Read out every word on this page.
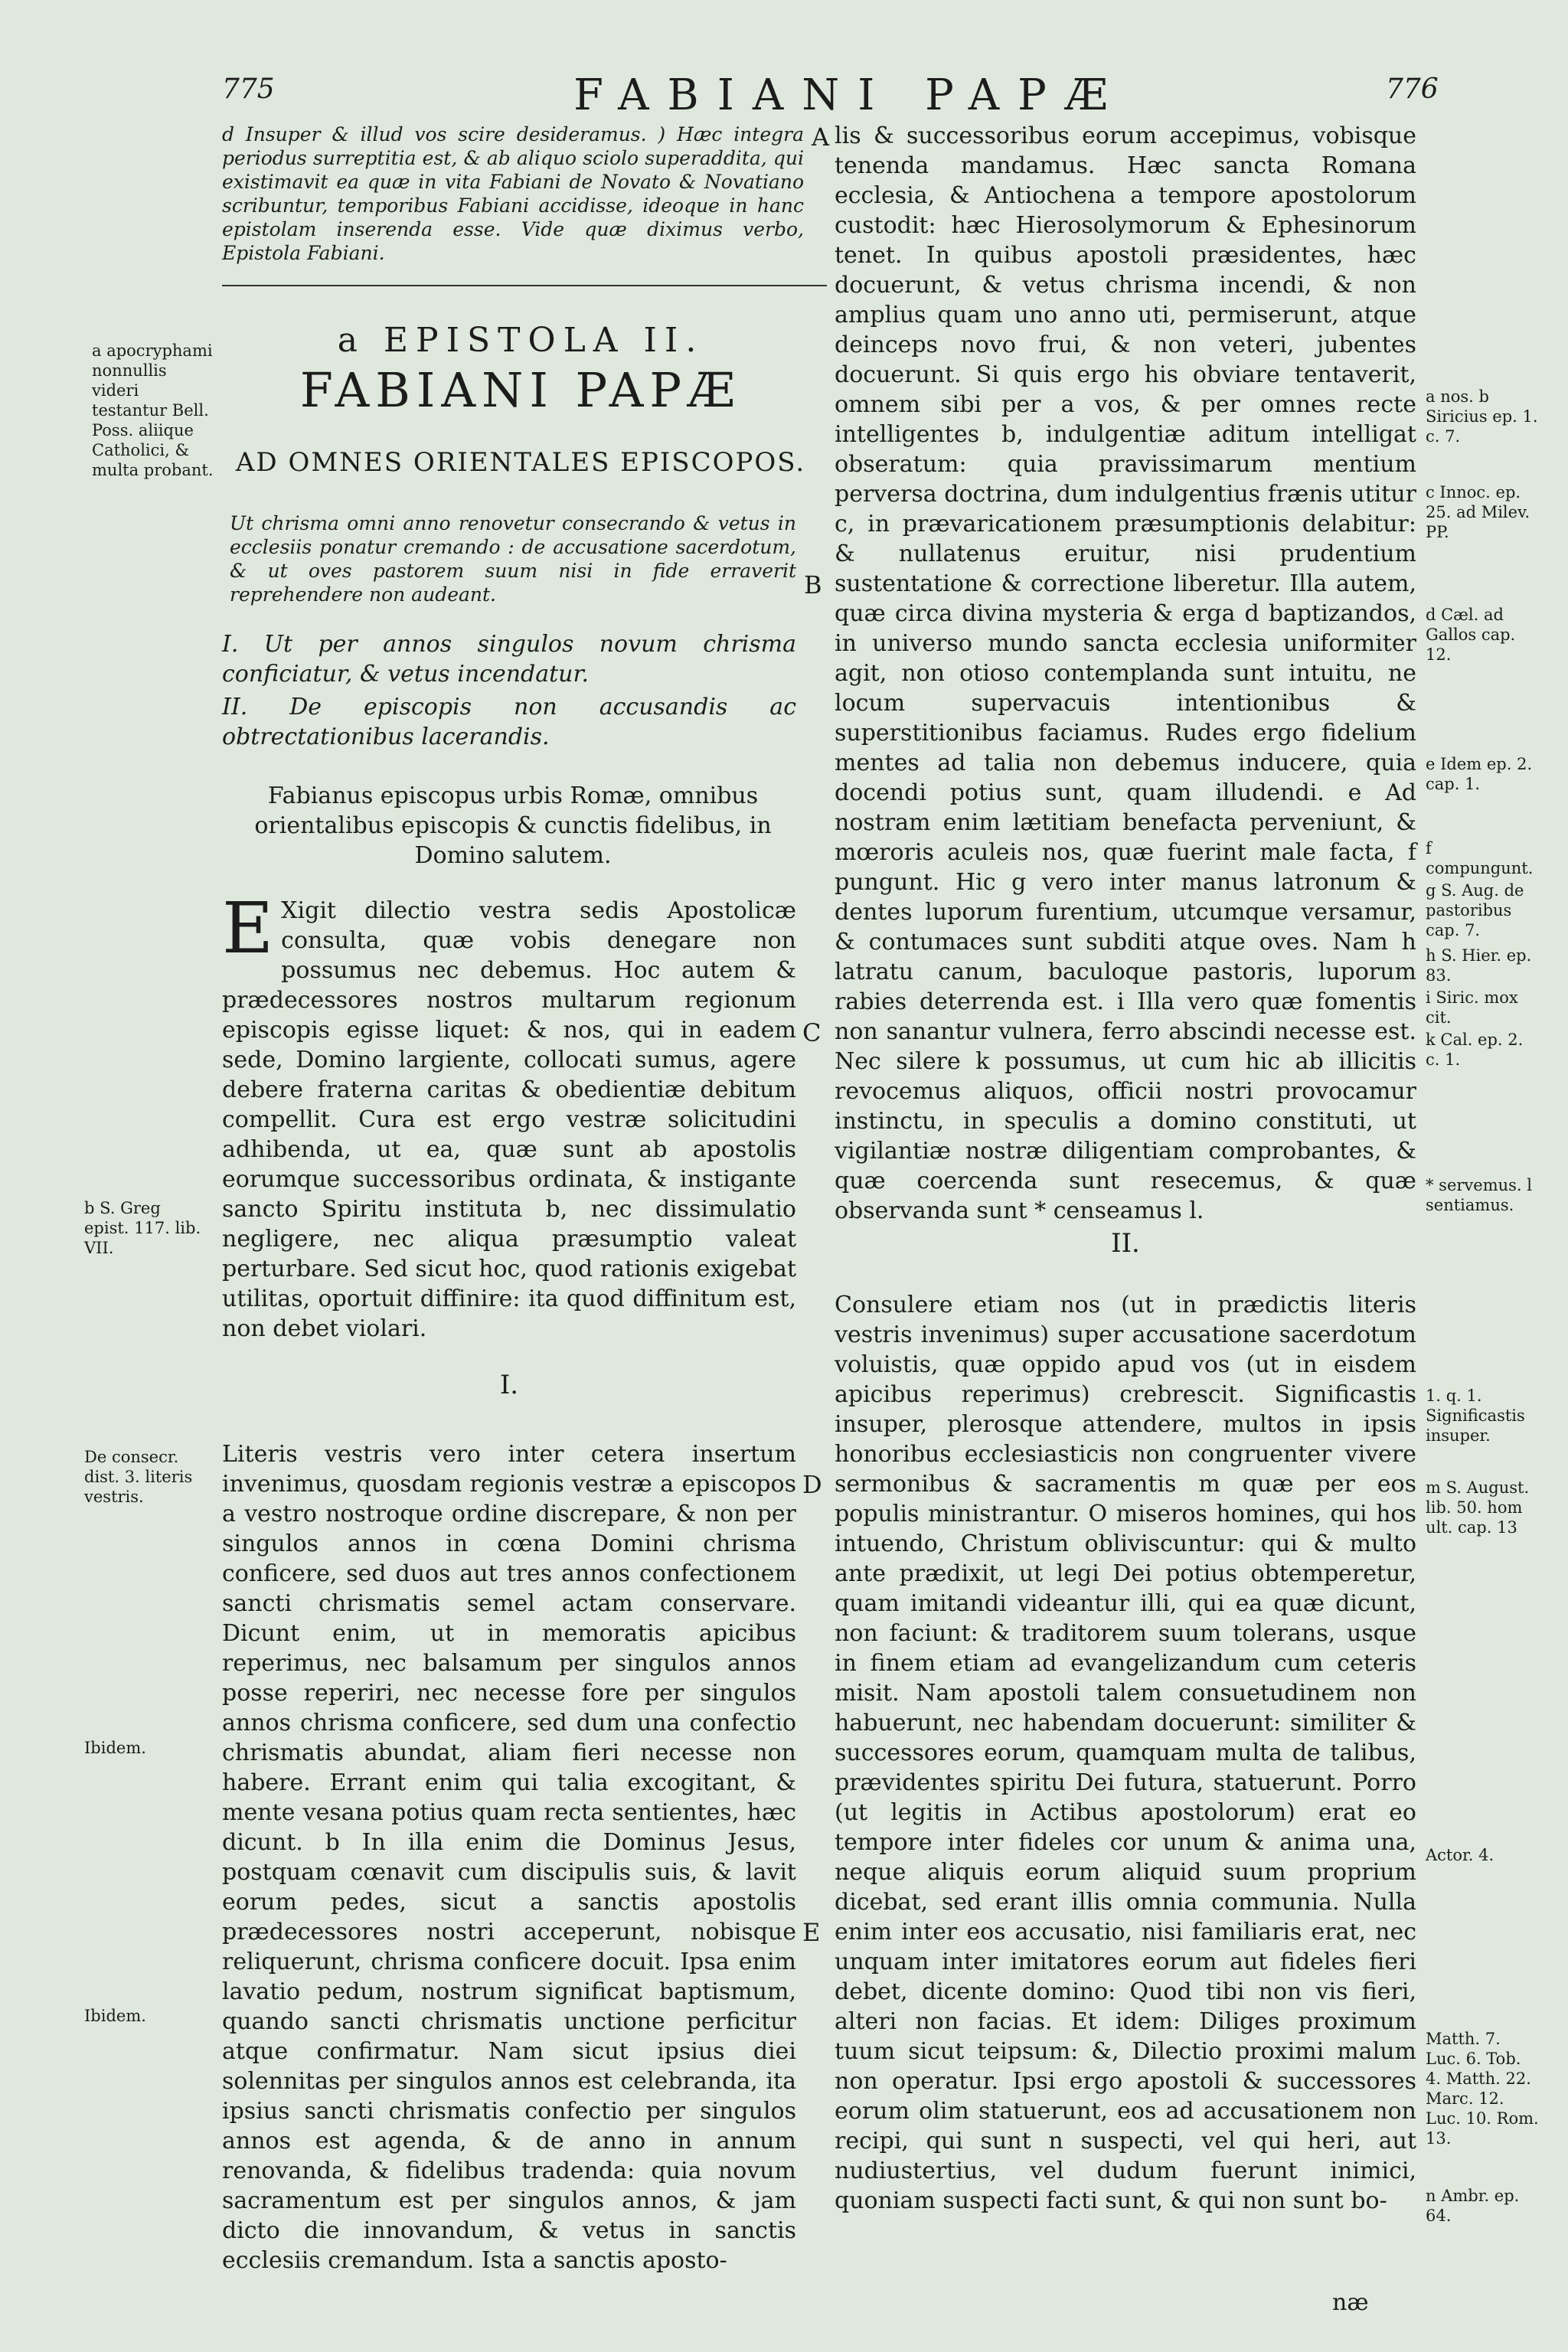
775	FABIANI PAPÆ	776
d Insuper & illud vos scire desideramus. ) Hæc integra periodus surreptitia est, & ab aliquo sciolo superaddita, qui existimavit ea quæ in vita Fabiani de Novato & Novatiano scribuntur, temporibus Fabiani accidisse, ideoque in hanc epistolam inserenda esse. Vide quæ diximus verbo, Epistola Fabiani.
a EPISTOLA II.
FABIANI PAPÆ
AD OMNES ORIENTALES EPISCOPOS.
Ut chrisma omni anno renovetur consecrando & vetus in ecclesiis ponatur cremando : de accusatione sacerdotum, & ut oves pastorem suum nisi in fide erraverit reprehendere non audeant.
I. Ut per annos singulos novum chrisma conficiatur, & vetus incendatur.
II. De episcopis non accusandis ac obtrectationibus lacerandis.
Fabianus episcopus urbis Romæ, omnibus orientalibus episcopis & cunctis fidelibus, in Domino salutem.
E Xigit dilectio vestra sedis Apostolicæ consulta, quæ vobis denegare non possumus nec debemus. Hoc autem & prædecessores nostros multarum regionum episcopis egisse liquet: & nos, qui in eadem sede, Domino largiente, collocati sumus, agere debere fraterna caritas & obedientiæ debitum compellit. Cura est ergo vestræ solicitudini adhibenda, ut ea, quæ sunt ab apostolis eorumque successoribus ordinata, & instigante sancto Spiritu instituta b, nec dissimulatio negligere, nec aliqua præsumptio valeat perturbare. Sed sicut hoc, quod rationis exigebat utilitas, oportuit diffinire: ita quod diffinitum est, non debet violari.
I.
Literis vestris vero inter cetera insertum invenimus, quosdam regionis vestræ a episcopos a vestro nostroque ordine discrepare, & non per singulos annos in cœna Domini chrisma conficere, sed duos aut tres annos confectionem sancti chrismatis semel actam conservare. Dicunt enim, ut in memoratis apicibus reperimus, nec balsamum per singulos annos posse reperiri, nec necesse fore per singulos annos chrisma conficere, sed dum una confectio chrismatis abundat, aliam fieri necesse non habere. Errant enim qui talia excogitant, & mente vesana potius quam recta sentientes, hæc dicunt. b In illa enim die Dominus Jesus, postquam cœnavit cum discipulis suis, & lavit eorum pedes, sicut a sanctis apostolis prædecessores nostri acceperunt, nobisque reliquerunt, chrisma conficere docuit. Ipsa enim lavatio pedum, nostrum significat baptismum, quando sancti chrismatis unctione perficitur atque confirmatur. Nam sicut ipsius diei solennitas per singulos annos est celebranda, ita ipsius sancti chrismatis confectio per singulos annos est agenda, & de anno in annum renovanda, & fidelibus tradenda: quia novum sacramentum est per singulos annos, & jam dicto die innovandum, & vetus in sanctis ecclesiis cremandum. Ista a sanctis aposto-
a apocryphami nonnullis videri testantur Bell. Poss. aliique Catholici, & multa probant.
b S. Greg epist. 117. lib. VII.
De consecr. dist. 3. literis vestris.
Ibidem.
Ibidem.
A
B
C
D
E
lis & successoribus eorum accepimus, vobisque tenenda mandamus. Hæc sancta Romana ecclesia, & Antiochena a tempore apostolorum custodit: hæc Hierosolymorum & Ephesinorum tenet. In quibus apostoli præsidentes, hæc docuerunt, & vetus chrisma incendi, & non amplius quam uno anno uti, permiserunt, atque deinceps novo frui, & non veteri, jubentes docuerunt. Si quis ergo his obviare tentaverit, omnem sibi per a vos, & per omnes recte intelligentes b, indulgentiæ aditum intelligat obseratum: quia pravissimarum mentium perversa doctrina, dum indulgentius frænis utitur c, in prævaricationem præsumptionis delabitur: & nullatenus eruitur, nisi prudentium sustentatione & correctione liberetur. Illa autem, quæ circa divina mysteria & erga d baptizandos, in universo mundo sancta ecclesia uniformiter agit, non otioso contemplanda sunt intuitu, ne locum supervacuis intentionibus & superstitionibus faciamus. Rudes ergo fidelium mentes ad talia non debemus inducere, quia docendi potius sunt, quam illudendi. e Ad nostram enim lætitiam benefacta perveniunt, & mœroris aculeis nos, quæ fuerint male facta, f pungunt. Hic g vero inter manus latronum & dentes luporum furentium, utcumque versamur, & contumaces sunt subditi atque oves. Nam h latratu canum, baculoque pastoris, luporum rabies deterrenda est. i Illa vero quæ fomentis non sanantur vulnera, ferro abscindi necesse est. Nec silere k possumus, ut cum hic ab illicitis revocemus aliquos, officii nostri provocamur instinctu, in speculis a domino constituti, ut vigilantiæ nostræ diligentiam comprobantes, & quæ coercenda sunt resecemus, & quæ observanda sunt * censeamus l.
II.
Consulere etiam nos (ut in prædictis literis vestris invenimus) super accusatione sacerdotum voluistis, quæ oppido apud vos (ut in eisdem apicibus reperimus) crebrescit. Significastis insuper, plerosque attendere, multos in ipsis honoribus ecclesiasticis non congruenter vivere sermonibus & sacramentis m quæ per eos populis ministrantur. O miseros homines, qui hos intuendo, Christum obliviscuntur: qui & multo ante prædixit, ut legi Dei potius obtemperetur, quam imitandi videantur illi, qui ea quæ dicunt, non faciunt: & traditorem suum tolerans, usque in finem etiam ad evangelizandum cum ceteris misit. Nam apostoli talem consuetudinem non habuerunt, nec habendam docuerunt: similiter & successores eorum, quamquam multa de talibus, prævidentes spiritu Dei futura, statuerunt. Porro (ut legitis in Actibus apostolorum) erat eo tempore inter fideles cor unum & anima una, neque aliquis eorum aliquid suum proprium dicebat, sed erant illis omnia communia. Nulla enim inter eos accusatio, nisi familiaris erat, nec unquam inter imitatores eorum aut fideles fieri debet, dicente domino: Quod tibi non vis fieri, alteri non facias. Et idem: Diliges proximum tuum sicut teipsum: &, Dilectio proximi malum non operatur. Ipsi ergo apostoli & successores eorum olim statuerunt, eos ad accusationem non recipi, qui sunt n suspecti, vel qui heri, aut nudiustertius, vel dudum fuerunt inimici, quoniam suspecti facti sunt, & qui non sunt bo-
næ
a nos. b Siricius ep. 1. c. 7.
c Innoc. ep. 25. ad Milev. PP.
d Cæl. ad Gallos cap. 12.
e Idem ep. 2. cap. 1.
f compungunt.
g S. Aug. de pastoribus cap. 7.
h S. Hier. ep. 83.
i Siric. mox cit.
k Cal. ep. 2. c. 1.
* servemus. l sentiamus.
1. q. 1. Significastis insuper.
m S. August. lib. 50. hom ult. cap. 13
Actor. 4.
Matth. 7. Luc. 6. Tob. 4. Matth. 22. Marc. 12. Luc. 10. Rom. 13.
n Ambr. ep. 64.
